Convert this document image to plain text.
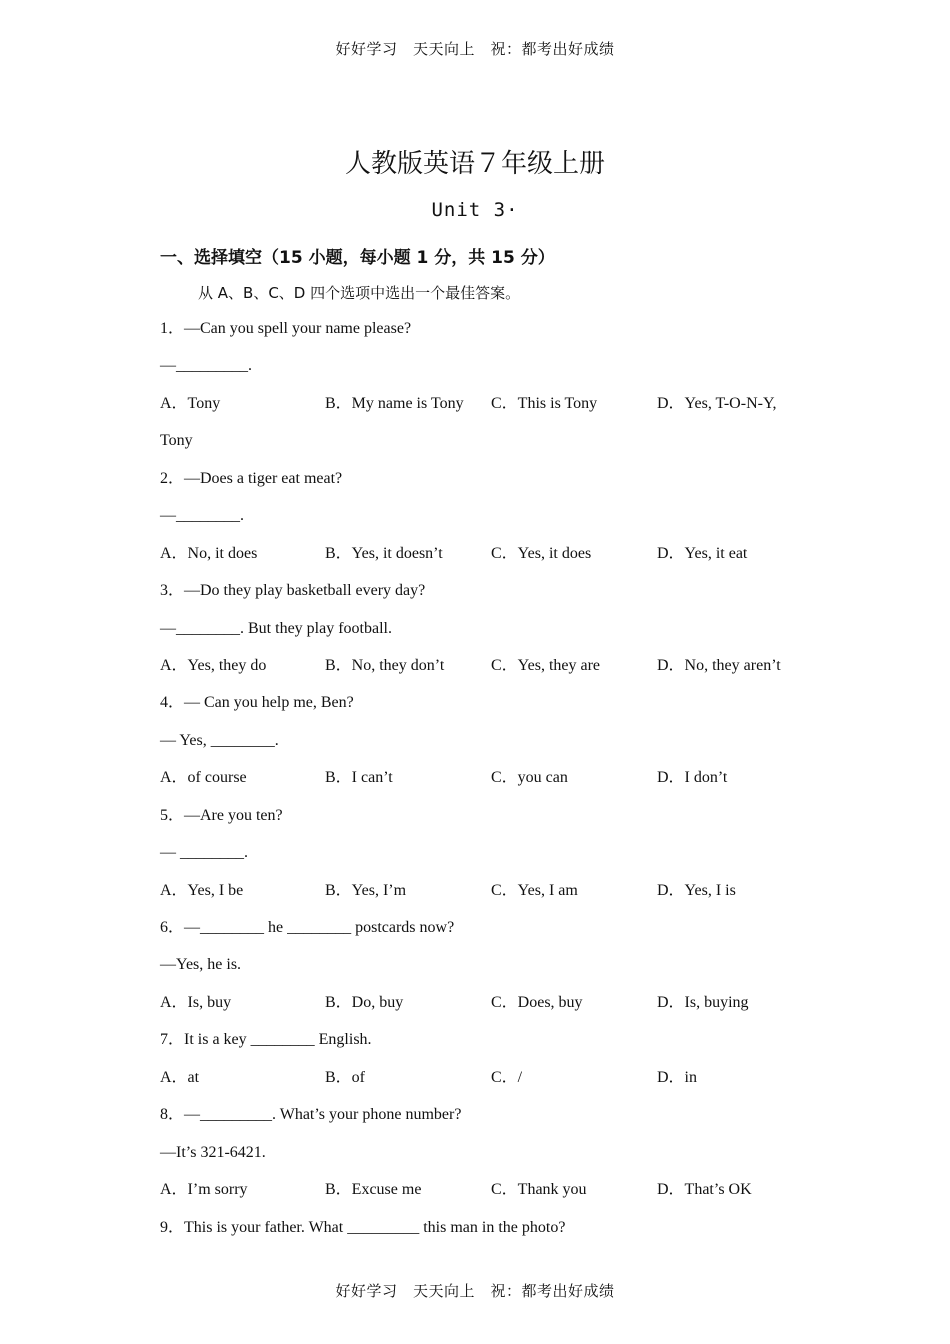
好好学习　天天向上　祝：都考出好成绩
人教版英语７年级上册
Unit 3·
一、选择填空（15 小题，每小题 1 分，共 15 分）
从 A、B、C、D 四个选项中选出一个最佳答案。
1．—Can you spell your name please?
—_________.
A．Tony	B．My name is Tony C．This is Tony	D．Yes, T-O-N-Y,
Tony
2．—Does a tiger eat meat?
—________.
A．No, it does	B．Yes, it doesn’t	C．Yes, it does	D．Yes, it eat
3．—Do they play basketball every day?
—________. But they play football.
A．Yes, they do	B．No, they don’t	C．Yes, they are	D．No, they aren’t
4．— Can you help me, Ben?
— Yes, ________.
A．of course	B．I can’t	C．you can	D．I don’t
5．—Are you ten?
— ________.
A．Yes, I be	B．Yes, I’m	C．Yes, I am	D．Yes, I is
6．—________ he ________ postcards now?
—Yes, he is.
A．Is, buy	B．Do, buy	C．Does, buy	D．Is, buying
7．It is a key ________ English.
A．at	B．of	C．/	D．in
8．—_________. What’s your phone number?
—It’s 321-6421.
A．I’m sorry	B．Excuse me	C．Thank you	D．That’s OK
9．This is your father. What _________ this man in the photo?
好好学习　天天向上　祝：都考出好成绩
